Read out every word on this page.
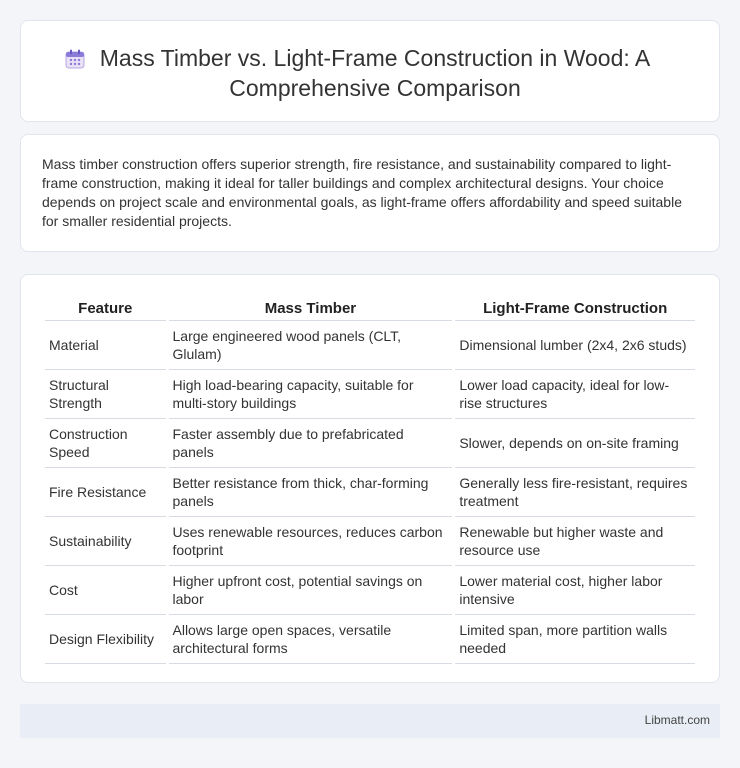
Mass Timber vs. Light-Frame Construction in Wood: A Comprehensive Comparison

Mass timber construction offers superior strength, fire resistance, and sustainability compared to light-frame construction, making it ideal for taller buildings and complex architectural designs. Your choice depends on project scale and environmental goals, as light-frame offers affordability and speed suitable for smaller residential projects.

Feature	Mass Timber	Light-Frame Construction
Material	Large engineered wood panels (CLT, Glulam)	Dimensional lumber (2x4, 2x6 studs)
Structural Strength	High load-bearing capacity, suitable for multi-story buildings	Lower load capacity, ideal for low-rise structures
Construction Speed	Faster assembly due to prefabricated panels	Slower, depends on on-site framing
Fire Resistance	Better resistance from thick, char-forming panels	Generally less fire-resistant, requires treatment
Sustainability	Uses renewable resources, reduces carbon footprint	Renewable but higher waste and resource use
Cost	Higher upfront cost, potential savings on labor	Lower material cost, higher labor intensive
Design Flexibility	Allows large open spaces, versatile architectural forms	Limited span, more partition walls needed
Libmatt.com
